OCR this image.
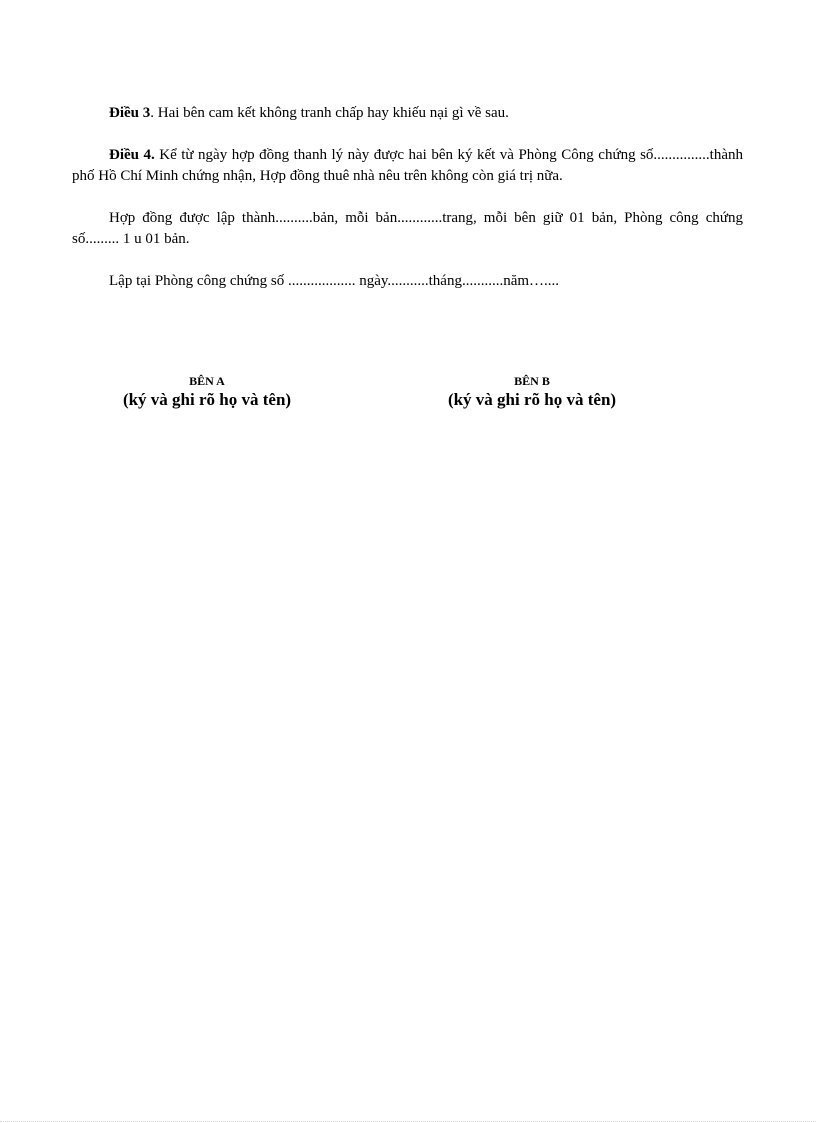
Điều 3. Hai bên cam kết không tranh chấp hay khiếu nại gì về sau.

Điều 4. Kể từ ngày hợp đồng thanh lý này được hai bên ký kết và Phòng Công chứng số...............thành phố Hồ Chí Minh chứng nhận, Hợp đồng thuê nhà nêu trên không còn giá trị nữa.

Hợp đồng được lập thành..........bản, mỗi bản............trang, mỗi bên giữ 01 bản, Phòng công chứng số......... 1 u 01 bản.

Lập tại Phòng công chứng số .................. ngày...........tháng...........năm…....

BÊN A

(ký và ghi rõ họ và tên)

BÊN B

(ký và ghi rõ họ và tên)
